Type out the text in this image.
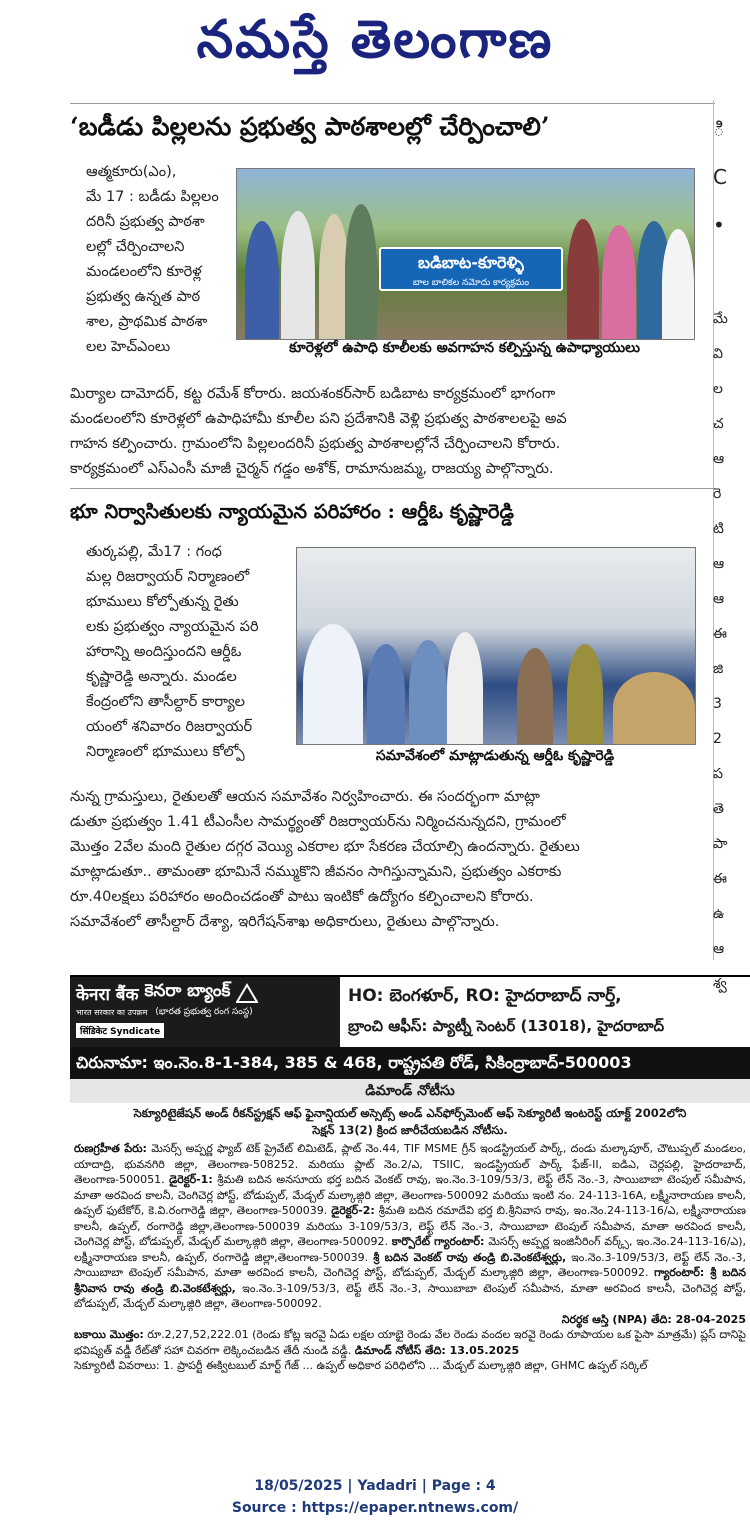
నమస్తే తెలంగాణ
‘బడీడు పిల్లలను ప్రభుత్వ పాఠశాలల్లో చేర్పించాలి’

ఆత్మకూరు(ఎం),

మే 17 : బడీడు పిల్లలం

దరినీ ప్రభుత్వ పాఠశా

లల్లో చేర్పించాలని

మండలంలోని కూరెళ్ల

ప్రభుత్వ ఉన్నత పాఠ

శాల, ప్రాథమిక పాఠశా

లల హెచ్ఎంలు

బడిబాట-కూరెళ్ళి
బాల బాలికల నమోదు కార్యక్రమం
కూరెళ్లలో ఉపాధి కూలీలకు అవగాహన కల్పిస్తున్న ఉపాధ్యాయులు

మిర్యాల దామోదర్, కట్ట రమేశ్ కోరారు. జయశంకర్‌సార్ బడిబాట కార్యక్రమంలో భాగంగా

మండలంలోని కూరెళ్లలో ఉపాధిహామీ కూలీల పని ప్రదేశానికి వెళ్లి ప్రభుత్వ పాఠశాలలపై అవ

గాహన కల్పించారు. గ్రామంలోని పిల్లలందరినీ ప్రభుత్వ పాఠశాలల్లోనే చేర్పించాలని కోరారు.

కార్యక్రమంలో ఎస్ఎంసీ మాజీ చైర్మన్ గడ్డం అశోక్, రామానుజమ్మ, రాజయ్య పాల్గొన్నారు.

భూ నిర్వాసితులకు న్యాయమైన పరిహారం : ఆర్డీఓ కృష్ణారెడ్డి

తుర్కపల్లి, మే17 : గంధ

మల్ల రిజర్వాయర్ నిర్మాణంలో

భూములు కోల్పోతున్న రైతు

లకు ప్రభుత్వం న్యాయమైన పరి

హారాన్ని అందిస్తుందని ఆర్డీఓ

కృష్ణారెడ్డి అన్నారు. మండల

కేంద్రంలోని తాసీల్దార్ కార్యాల

యంలో శనివారం రిజర్వాయర్

నిర్మాణంలో భూములు కోల్పో	సమావేశంలో మాట్లాడుతున్న ఆర్డీఓ కృష్ణారెడ్డి

నున్న గ్రామస్తులు, రైతులతో ఆయన సమావేశం నిర్వహించారు. ఈ సందర్భంగా మాట్లా

డుతూ ప్రభుత్వం 1.41 టీఎంసీల సామర్థ్యంతో రిజర్వాయర్‌ను నిర్మించనున్నదని, గ్రామంలో

మొత్తం 2వేల మంది రైతుల దగ్గర వెయ్యి ఎకరాల భూ సేకరణ చేయాల్సి ఉందన్నారు. రైతులు

మాట్లాడుతూ.. తామంతా భూమినే నమ్ముకొని జీవనం సాగిస్తున్నామని, ప్రభుత్వం ఎకరాకు

రూ.40లక్షలు పరిహారం అందించడంతో పాటు ఇంటికో ఉద్యోగం కల్పించాలని కోరారు.

సమావేశంలో తాసీల్దార్ దేశ్యా, ఇరిగేషన్‌శాఖ అధికారులు, రైతులు పాల్గొన్నారు.

ి

C

•

మే

వి

ల

చ

ఆ

రె

టి

ఆ

ఆ

ఈ

జి

3

2

ప

తె

పా

ఈ

ఉ

ఆ

శ్వ

केनरा बैंक కెనరా బ్యాంక్
भारत सरकार का उपक्रम (భారత ప్రభుత్వ రంగ సంస్థ)
सिंडिकेट Syndicate
HO: బెంగళూర్, RO: హైదరాబాద్ నార్త్,
బ్రాంచి ఆఫీస్: ప్యాట్నీ సెంటర్ (13018), హైదరాబాద్
చిరునామా: ఇం.నెం.8-1-384, 385 & 468, రాష్ట్రపతి రోడ్, సికింద్రాబాద్-500003
డిమాండ్ నోటీసు
సెక్యూరిటైజేషన్ అండ్ రీకన్‌స్ట్రక్షన్ ఆఫ్ ఫైనాన్షియల్ అస్సెట్స్ అండ్ ఎన్‌ఫోర్స్‌మెంట్ ఆఫ్ సెక్యూరిటీ ఇంటరెస్ట్ యాక్ట్ 2002లోని
సెక్షన్ 13(2) క్రింద జారీచేయబడిన నోటీసు.
రుణగ్రహీత పేరు: మెసర్స్ అప్పర్ణ ఫ్యాబ్ టెక్ ప్రైవేట్ లిమిటెడ్, ప్లాట్ నెం.44, TIF MSME గ్రీన్ ఇండస్ట్రియల్ పార్క్, దండు మల్కాపూర్, చౌటుప్పల్ మండలం, యాదాద్రి, భువనగిరి జిల్లా, తెలంగాణ-508252. మరియు ప్లాట్ నెం.2/ఎ, TSIIC, ఇండస్ట్రియల్ పార్క్ ఫేజ్-II, ఐడిఎ, చెర్లపల్లి, హైదరాబాద్, తెలంగాణ-500051. డైరెక్టర్-1: శ్రీమతి బదిన అనసూయ భర్త బదిన వెంకట్ రావు, ఇం.నెం.3-109/53/3, లెఫ్ట్ లేన్ నెం.-3, సాయిబాబా టెంపుల్ సమీపాన, మాతా అరవింద కాలనీ, చెంగిచెర్ల పోస్ట్, బోడుప్పల్, మేడ్చల్ మల్కాజ్గిరి జిల్లా, తెలంగాణ-500092 మరియు ఇంటి నం. 24-113-16A, లక్ష్మీనారాయణ కాలనీ, ఉప్పల్ ఫుటేకోర్, కె.వి.రంగారెడ్డి జిల్లా, తెలంగాణ-500039. డైరెక్టర్-2: శ్రీమతి బదిన రమాదేవి భర్త బి.శ్రీనివాస రావు, ఇం.నెం.24-113-16/ఎ, లక్ష్మీనారాయణ కాలనీ, ఉప్పల్, రంగారెడ్డి జిల్లా,తెలంగాణ-500039 మరియు 3-109/53/3, లెఫ్ట్ లేన్ నెం.-3, సాయిబాబా టెంపుల్ సమీపాన, మాతా అరవింద కాలనీ, చెంగిచెర్ల పోస్ట్, బోడుప్పల్, మేడ్చల్ మల్కాజ్గిరి జిల్లా, తెలంగాణ-500092. కార్పొరేట్ గ్యారంటార్: మెసర్స్ అప్పర్ణ ఇంజినీరింగ్ వర్క్స్, ఇం.నెం.24-113-16/ఎ), లక్ష్మీనారాయణ కాలనీ, ఉప్పల్, రంగారెడ్డి జిల్లా,తెలంగాణ-500039. శ్రీ బదిన వెంకట్ రావు తండ్రి బి.వెంకటేశ్వర్లు, ఇం.నెం.3-109/53/3, లెఫ్ట్ లేన్ నెం.-3, సాయిబాబా టెంపుల్ సమీపాన, మాతా అరవింద కాలనీ, చెంగిచెర్ల పోస్ట్, బోడుప్పల్, మేడ్చల్ మల్కాజ్గిరి జిల్లా, తెలంగాణ-500092. గ్యారంటార్: శ్రీ బదిన శ్రీనివాస రావు తండ్రి బి.వెంకటేశ్వర్లు, ఇం.నెం.3-109/53/3, లెఫ్ట్ లేన్ నెం.-3, సాయిబాబా టెంపుల్ సమీపాన, మాతా అరవింద కాలనీ, చెంగిచెర్ల పోస్ట్, బోడుప్పల్, మేడ్చల్ మల్కాజ్గిరి జిల్లా, తెలంగాణ-500092.
నిరర్థక ఆస్తి (NPA) తేది: 28-04-2025
బకాయి మొత్తం: రూ.2,27,52,222.01 (రెండు కోట్ల ఇరవై ఏడు లక్షల యాభై రెండు వేల రెండు వందల ఇరవై రెండు రూపాయల ఒక పైసా మాత్రమే) ప్లస్ దానిపై భవిష్యత్ వడ్డీ రేట్‌తో సహా చివరగా లెక్కించబడిన తేదీ నుండి వడ్డీ. డిమాండ్ నోటీస్ తేది: 13.05.2025
సెక్యూరిటీ వివరాలు: 1. ప్రాపర్టీ ఈక్విటబుల్ మార్ట్ గేజ్ ... ఉప్పల్ అధికార పరిధిలోని ... మేడ్చల్ మల్కాజ్గిరి జిల్లా, GHMC ఉప్పల్ సర్కిల్
18/05/2025 | Yadadri | Page : 4
Source : https://epaper.ntnews.com/
